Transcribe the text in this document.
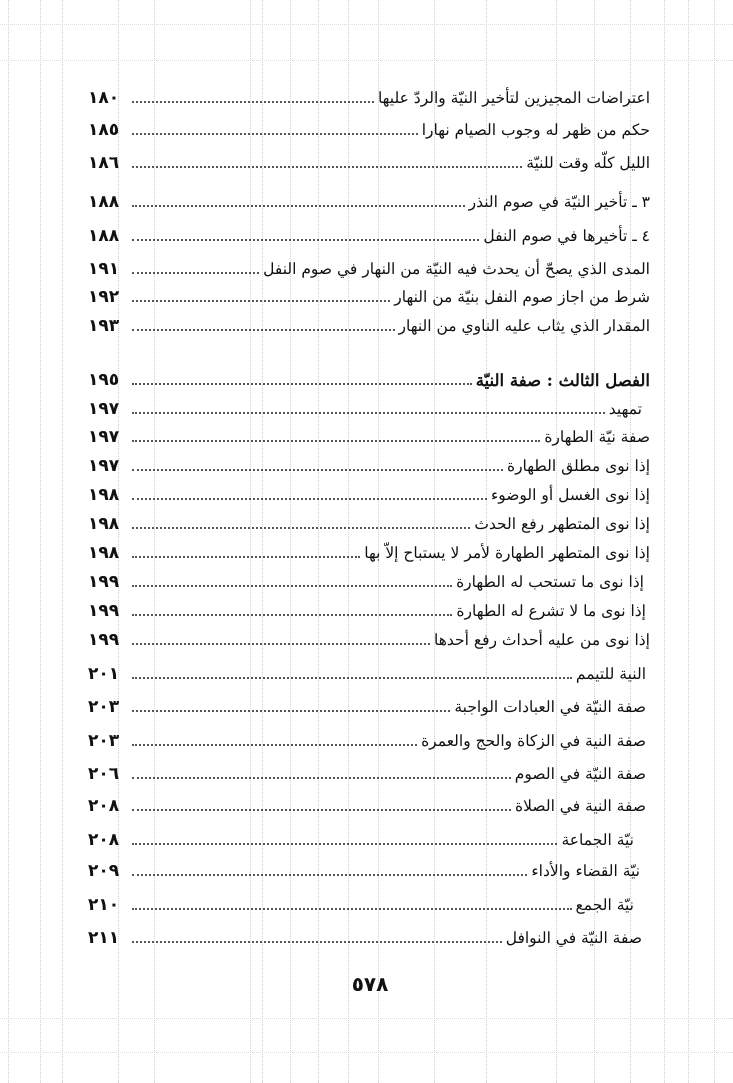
١٨٠	اعتراضات المجيزين لتأخير النيّة والردّ عليها
١٨٥	حكم من ظهر له وجوب الصيام نهارا
١٨٦	الليل كلّه وقت للنيّة
١٨٨	٣ ـ تأخير النيّة في صوم النذر
١٨٨	٤ ـ تأخيرها في صوم النفل
١٩١	المدى الذي يصحّ أن يحدث فيه النيّة من النهار في صوم النفل
١٩٢	شرط من اجاز صوم النفل بنيّة من النهار
١٩٣	المقدار الذي يثاب عليه الناوي من النهار
١٩٥	الفصل الثالث : صفة النيّة
١٩٧	تمهيد
١٩٧	صفة نيّة الطهارة
١٩٧	إذا نوى مطلق الطهارة
١٩٨	إذا نوى الغسل أو الوضوء
١٩٨	إذا نوى المتطهر رفع الحدث
١٩٨	إذا نوى المتطهر الطهارة لأمر لا يستباح إلاّ بها
١٩٩	إذا نوى ما تستحب له الطهارة
١٩٩	إذا نوى ما لا تشرع له الطهارة
١٩٩	إذا نوى من عليه أحداث رفع أحدها
٢٠١	النية للتيمم
٢٠٣	صفة النيّة في العبادات الواجبة
٢٠٣	صفة النية في الزكاة والحج والعمرة
٢٠٦	صفة النيّة في الصوم
٢٠٨	صفة النية في الصلاة
٢٠٨	نيّة الجماعة
٢٠٩	نيّة القضاء والأداء
٢١٠	نيّة الجمع
٢١١	صفة النيّة في النوافل
٥٧٨
